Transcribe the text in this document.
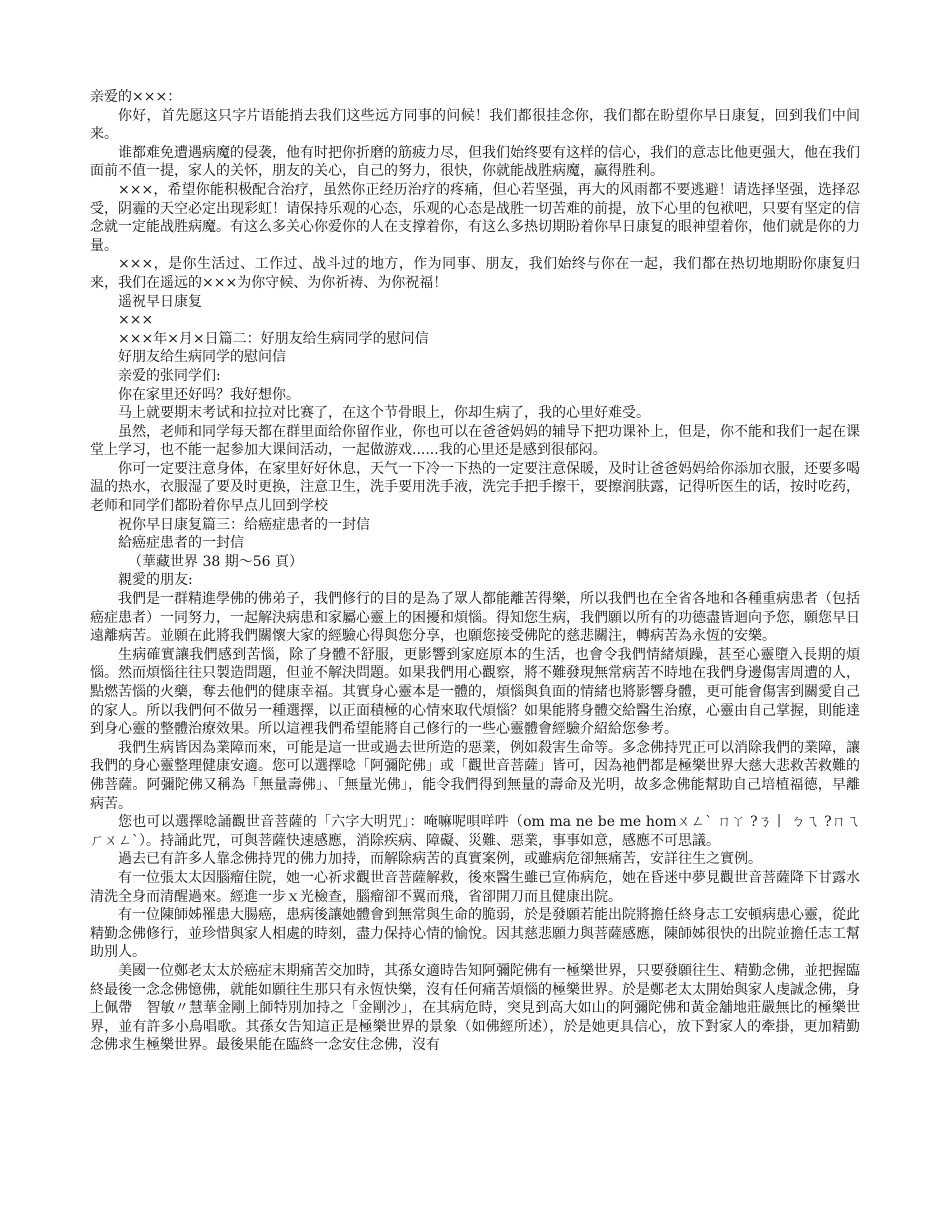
亲爱的×××：

你好，首先愿这只字片语能捎去我们这些远方同事的问候！我们都很挂念你，我们都在盼望你早日康复，回到我们中间来。

谁都难免遭遇病魔的侵袭，他有时把你折磨的筋疲力尽，但我们始终要有这样的信心，我们的意志比他更强大，他在我们面前不值一提，家人的关怀，朋友的关心，自己的努力，很快，你就能战胜病魔，赢得胜利。

×××，希望你能积极配合治疗，虽然你正经历治疗的疼痛，但心若坚强，再大的风雨都不要逃避！请选择坚强，选择忍受，阴霾的天空必定出现彩虹！请保持乐观的心态，乐观的心态是战胜一切苦难的前提，放下心里的包袱吧，只要有坚定的信念就一定能战胜病魔。有这么多关心你爱你的人在支撑着你，有这么多热切期盼着你早日康复的眼神望着你，他们就是你的力量。

×××，是你生活过、工作过、战斗过的地方，作为同事、朋友，我们始终与你在一起，我们都在热切地期盼你康复归来，我们在遥远的×××为你守候、为你祈祷、为你祝福！

遥祝早日康复

×××

×××年×月×日篇二：好朋友给生病同学的慰问信

好朋友给生病同学的慰问信

亲爱的张同学们:

你在家里还好吗？我好想你。

马上就要期末考试和拉拉对比赛了，在这个节骨眼上，你却生病了，我的心里好难受。

虽然，老师和同学每天都在群里面给你留作业，你也可以在爸爸妈妈的辅导下把功课补上，但是，你不能和我们一起在课堂上学习，也不能一起参加大课间活动，一起做游戏......我的心里还是感到很郁闷。

你可一定要注意身体，在家里好好休息，天气一下冷一下热的一定要注意保暖，及时让爸爸妈妈给你添加衣服，还要多喝温的热水，衣服湿了要及时更换，注意卫生，洗手要用洗手液，洗完手把手擦干，要擦润肤露，记得听医生的话，按时吃药，老师和同学们都盼着你早点儿回到学校

祝你早日康复篇三：给癌症患者的一封信

給癌症患者的一封信

（華藏世界 38 期～56 頁）

親愛的朋友:

我們是一群精進學佛的佛弟子，我們修行的目的是為了眾人都能離苦得樂，所以我們也在全省各地和各種重病患者（包括癌症患者）一同努力，一起解決病患和家屬心靈上的困擾和煩惱。得知您生病，我們願以所有的功德盡皆迴向予您，願您早日遠離病苦。並願在此將我們關懷大家的經驗心得與您分享，也願您接受佛陀的慈悲關注，轉病苦為永恆的安樂。

生病確實讓我們感到苦惱，除了身體不舒服，更影響到家庭原本的生活，也會令我們情緒煩躁，甚至心靈墮入長期的煩惱。然而煩惱往往只製造問題，但並不解決問題。如果我們用心觀察，將不難發現無常病苦不時地在我們身邊傷害周遭的人，點燃苦惱的火藥，奪去他們的健康幸福。其實身心靈本是一體的，煩惱與負面的情緒也將影響身體，更可能會傷害到關愛自己的家人。所以我們何不做另一種選擇，以正面積極的心情來取代煩惱？如果能將身體交給醫生治療，心靈由自己掌握，則能達到身心靈的整體治療效果。所以這裡我們希望能將自己修行的一些心靈體會經驗介紹給您參考。

我們生病皆因為業障而來，可能是這一世或過去世所造的惡業，例如殺害生命等。多念佛持咒正可以消除我們的業障，讓我們的身心靈整理健康安適。您可以選擇唸「阿彌陀佛」或「觀世音菩薩」皆可，因為祂們都是極樂世界大慈大悲救苦救難的佛菩薩。阿彌陀佛又稱為「無量壽佛」、「無量光佛」，能令我們得到無量的壽命及光明，故多念佛能幫助自己培植福德，早離病苦。

您也可以選擇唸誦觀世音菩薩的「六字大明咒」：唵嘛呢唄咩吽（om ma ne be me homㄨㄥˋ ㄇㄚ ?ㄋ丨 ㄅㄟ ?ㄇㄟ ㄏㄨㄥˋ）。持誦此咒，可與菩薩快速感應，消除疾病、障礙、災難、惡業，事事如意，感應不可思議。

過去已有許多人靠念佛持咒的佛力加持，而解除病苦的真實案例，或雖病危卻無痛苦，安詳往生之實例。

有一位張太太因腦瘤住院，她一心祈求觀世音菩薩解救，後來醫生雖已宣佈病危，她在昏迷中夢見觀世音菩薩降下甘露水清洗全身而清醒過來。經進一步ｘ光檢查，腦瘤卻不翼而飛，省卻開刀而且健康出院。

有一位陳師姊罹患大腸癌，患病後讓她體會到無常與生命的脆弱，於是發願若能出院將擔任終身志工安頓病患心靈，從此精勤念佛修行，並珍惜與家人相處的時刻，盡力保持心情的愉悅。因其慈悲願力與菩薩感應，陳師姊很快的出院並擔任志工幫助別人。

美國一位鄭老太太於癌症末期痛苦交加時，其孫女適時告知阿彌陀佛有一極樂世界，只要發願往生、精勤念佛，並把握臨終最後一念念佛憶佛，就能如願往生那只有永恆快樂，沒有任何痛苦煩惱的極樂世界。於是鄭老太太開始與家人虔誠念佛，身上佩帶　智敏〃慧華金剛上師特別加持之「金剛沙」，在其病危時，突見到高大如山的阿彌陀佛和黃金舖地莊嚴無比的極樂世界，並有許多小鳥唱歌。其孫女告知這正是極樂世界的景象（如佛經所述），於是她更具信心，放下對家人的牽掛，更加精勤念佛求生極樂世界。最後果能在臨終一念安住念佛，沒有
